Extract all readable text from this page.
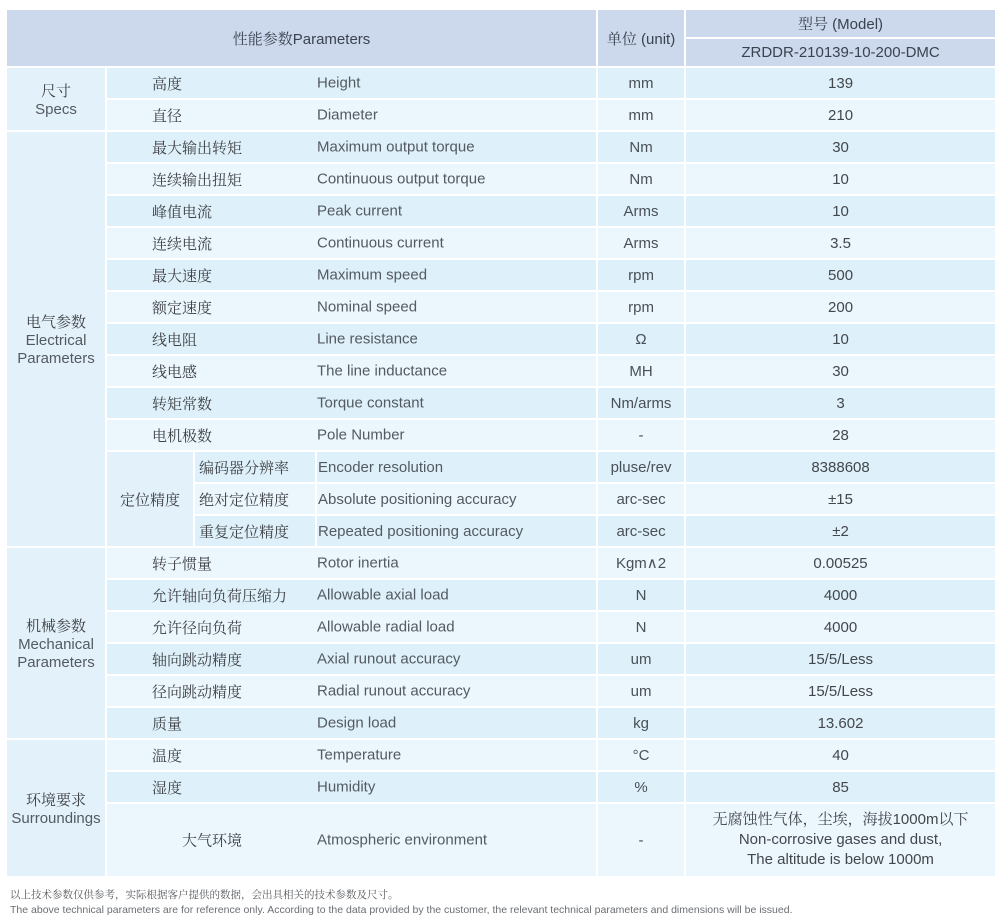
性能参数Parameters				单位 (unit)	型号 (Model)
					ZRDDR-210139-10-200-DMC

尺寸
Specs	高度 Height			mm	139
	直径 Diameter			mm	210

电气参数
Electrical Parameters	最大输出转矩 Maximum output torque			Nm	30
	连续输出扭矩 Continuous output torque			Nm	10
	峰值电流 Peak current			Arms	10
	连续电流 Continuous current			Arms	3.5
	最大速度 Maximum speed			rpm	500
	额定速度 Nominal speed			rpm	200
	线电阻 Line resistance			Ω	10
	线电感 The line inductance			MH	30
	转矩常数 Torque constant			Nm/arms	3
	电机极数 Pole Number			-	28
	定位精度	编码器分辨率	Encoder resolution	pluse/rev	8388608
		绝对定位精度	Absolute positioning accuracy	arc-sec	±15
		重复定位精度	Repeated positioning accuracy	arc-sec	±2

机械参数
Mechanical Parameters	转子惯量 Rotor inertia			Kgm∧2	0.00525
	允许轴向负荷压缩力 Allowable axial load			N	4000
	允许径向负荷 Allowable radial load			N	4000
	轴向跳动精度 Axial runout accuracy			um	15/5/Less
	径向跳动精度 Radial runout accuracy			um	15/5/Less
	质量 Design load			kg	13.602

环境要求
Surroundings	温度 Temperature			°C	40
	湿度 Humidity			%	85

	大气环境 Atmospheric environment			-	无腐蚀性气体，尘埃，海拔1000m以下
Non-corrosive gases and dust,
The altitude is below 1000m
以上技术参数仅供参考，实际根据客户提供的数据，会出具相关的技术参数及尺寸。
The above technical parameters are for reference only. According to the data provided by the customer, the relevant technical parameters and dimensions will be issued.
